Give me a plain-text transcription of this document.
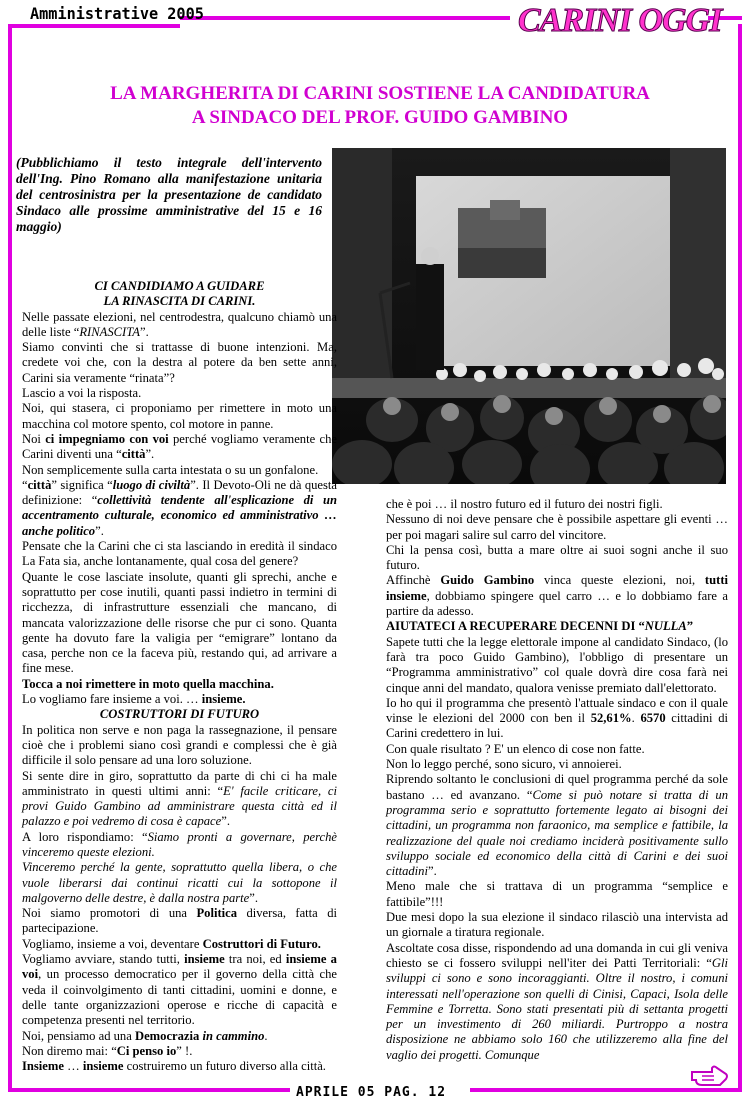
Amministrative 2005	CARINI OGGI
LA MARGHERITA DI CARINI SOSTIENE LA CANDIDATURA
A SINDACO DEL PROF. GUIDO GAMBINO
(Pubblichiamo il testo integrale dell'intervento dell'Ing. Pino Romano alla manifestazione unitaria del centrosinistra per la presentazione de candidato Sindaco alle prossime amministrative del 15 e 16 maggio)

CI CANDIDIAMO A GUIDARE

LA RINASCITA DI CARINI.

Nelle passate elezioni, nel centrodestra, qualcuno chiamò una delle liste “RINASCITA”.

Siamo convinti che si trattasse di buone intenzioni. Ma, credete voi che, con la destra al potere da ben sette anni, Carini sia veramente “rinata”?

Lascio a voi la risposta.

Noi, qui stasera, ci proponiamo per rimettere in moto una macchina col motore spento, col motore in panne.

Noi ci impegniamo con voi perché vogliamo veramente che Carini diventi una “città”.

Non semplicemente sulla carta intestata o su un gonfalone.

“città” significa “luogo di civiltà”. Il Devoto-Oli ne dà questa definizione: “collettività tendente all'esplicazione di un accentramento culturale, economico ed amministrativo … anche politico”.

Pensate che la Carini che ci sta lasciando in eredità il sindaco La Fata sia, anche lontanamente, qual cosa del genere?

Quante le cose lasciate insolute, quanti gli sprechi, anche e soprattutto per cose inutili, quanti passi indietro in termini di ricchezza, di infrastrutture essenziali che mancano, di mancata valorizzazione delle risorse che pur ci sono. Quanta gente ha dovuto fare la valigia per “emigrare” lontano da casa, perche non ce la faceva più, restando qui, ad arrivare a fine mese.

Tocca a noi rimettere in moto quella macchina.

Lo vogliamo fare insieme a voi. … insieme.

COSTRUTTORI DI FUTURO

In politica non serve e non paga la rassegnazione, il pensare cioè che i problemi siano così grandi e complessi che è già difficile il solo pensare ad una loro soluzione.

Si sente dire in giro, soprattutto da parte di chi ci ha male amministrato in questi ultimi anni: “E' facile criticare, ci provi Guido Gambino ad amministrare questa città ed il palazzo e poi vedremo di cosa è capace”.

A loro rispondiamo: “Siamo pronti a governare, perchè vinceremo queste elezioni.

Vinceremo perché la gente, soprattutto quella libera, o che vuole liberarsi dai continui ricatti cui la sottopone il malgoverno delle destre, è dalla nostra parte”.

Noi siamo promotori di una Politica diversa, fatta di partecipazione.

Vogliamo, insieme a voi, deventare Costruttori di Futuro.

Vogliamo avviare, stando tutti, insieme tra noi, ed insieme a voi, un processo democratico per il governo della città che veda il coinvolgimento di tanti cittadini, uomini e donne, e delle tante organizzazioni operose e ricche di capacità e competenza presenti nel territorio.

Noi, pensiamo ad una Democrazia in cammino.

Non diremo mai: “Ci penso io” !.

Insieme … insieme costruiremo un futuro diverso alla città.

che è poi … il nostro futuro ed il futuro dei nostri figli.

Nessuno di noi deve pensare che è possibile aspettare gli eventi … per poi magari salire sul carro del vincitore.

Chi la pensa così, butta a mare oltre ai suoi sogni anche il suo futuro.

Affinchè Guido Gambino vinca queste elezioni, noi, tutti insieme, dobbiamo spingere quel carro … e lo dobbiamo fare a partire da adesso.

AIUTATECI A RECUPERARE DECENNI DI “NULLA”

Sapete tutti che la legge elettorale impone al candidato Sindaco, (lo farà tra poco Guido Gambino), l'obbligo di presentare un “Programma amministrativo” col quale dovrà dire cosa farà nei cinque anni del mandato, qualora venisse premiato dall'elettorato.

Io ho qui il programma che presentò l'attuale sindaco e con il quale vinse le elezioni del 2000 con ben il 52,61%. 6570 cittadini di Carini credettero in lui.

Con quale risultato ? E' un elenco di cose non fatte.

Non lo leggo perché, sono sicuro, vi annoierei.

Riprendo soltanto le conclusioni di quel programma perché da sole bastano … ed avanzano. “Come si può notare si tratta di un programma serio e soprattutto fortemente legato ai bisogni dei cittadini, un programma non faraonico, ma semplice e fattibile, la realizzazione del quale noi crediamo inciderà positivamente sullo sviluppo sociale ed economico della città di Carini e dei suoi cittadini”.

Meno male che si trattava di un programma “semplice e fattibile”!!!

Due mesi dopo la sua elezione il sindaco rilasciò una intervista ad un giornale a tiratura regionale.

Ascoltate cosa disse, rispondendo ad una domanda in cui gli veniva chiesto se ci fossero sviluppi nell'iter dei Patti Territoriali: “Gli sviluppi ci sono e sono incoraggianti. Oltre il nostro, i comuni interessati nell'operazione son quelli di Cinisi, Capaci, Isola delle Femmine e Torretta. Sono stati presentati più di settanta progetti per un investimento di 260 miliardi. Purtroppo a nostra disposizione ne abbiamo solo 160 che utilizzeremo alla fine del vaglio dei progetti. Comunque

APRILE 05 PAG. 12
